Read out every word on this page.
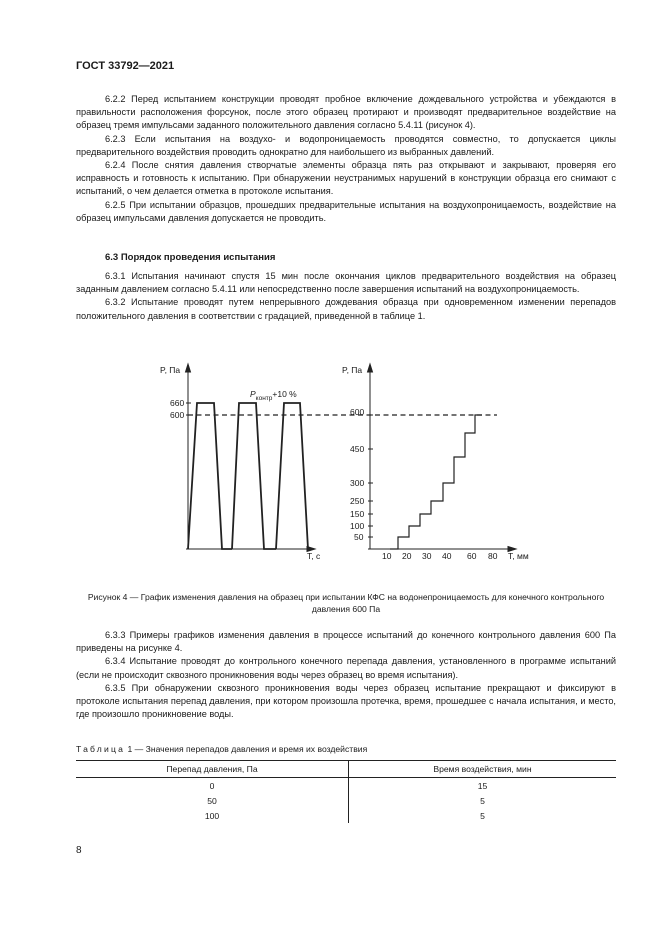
ГОСТ 33792—2021

6.2.2 Перед испытанием конструкции проводят пробное включение дождевального устройства и убеждаются в правильности расположения форсунок, после этого образец протирают и производят предварительное воздействие на образец тремя импульсами заданного положительного давления согласно 5.4.11 (рисунок 4).

6.2.3 Если испытания на воздухо- и водопроницаемость проводятся совместно, то допускается циклы предварительного воздействия проводить однократно для наибольшего из выбранных давлений.

6.2.4 После снятия давления створчатые элементы образца пять раз открывают и закрывают, проверяя его исправность и готовность к испытанию. При обнаружении неустранимых нарушений в конструкции образца его снимают с испытаний, о чем делается отметка в протоколе испытания.

6.2.5 При испытании образцов, прошедших предварительные испытания на воздухопроницаемость, воздействие на образец импульсами давления допускается не проводить.

6.3 Порядок проведения испытания

6.3.1 Испытания начинают спустя 15 мин после окончания циклов предварительного воздействия на образец заданным давлением согласно 5.4.11 или непосредственно после завершения испытаний на воздухопроницаемость.

6.3.2 Испытание проводят путем непрерывного дождевания образца при одновременном изменении перепадов положительного давления в соответствии с градацией, приведенной в таблице 1.

P, Па
T, c
660
600
$P_{контр}+10$ %
P, Па
T, мм
600
450
300
250
150
100
50
10 20 30 40 60 80
Рисунок 4 — График изменения давления на образец при испытании КФС на водонепроницаемость для конечного контрольного давления 600 Па

6.3.3 Примеры графиков изменения давления в процессе испытаний до конечного контрольного давления 600 Па приведены на рисунке 4.

6.3.4 Испытание проводят до контрольного конечного перепада давления, установленного в программе испытаний (если не происходит сквозного проникновения воды через образец во время испытания).

6.3.5 При обнаружении сквозного проникновения воды через образец испытание прекращают и фиксируют в протоколе испытания перепад давления, при котором произошла протечка, время, прошедшее с начала испытания, и место, где произошло проникновение воды.

Таблица 1 — Значения перепадов давления и время их воздействия
Перепад давления, Па	Время воздействия, мин
0	15
50	5
100	5
8
